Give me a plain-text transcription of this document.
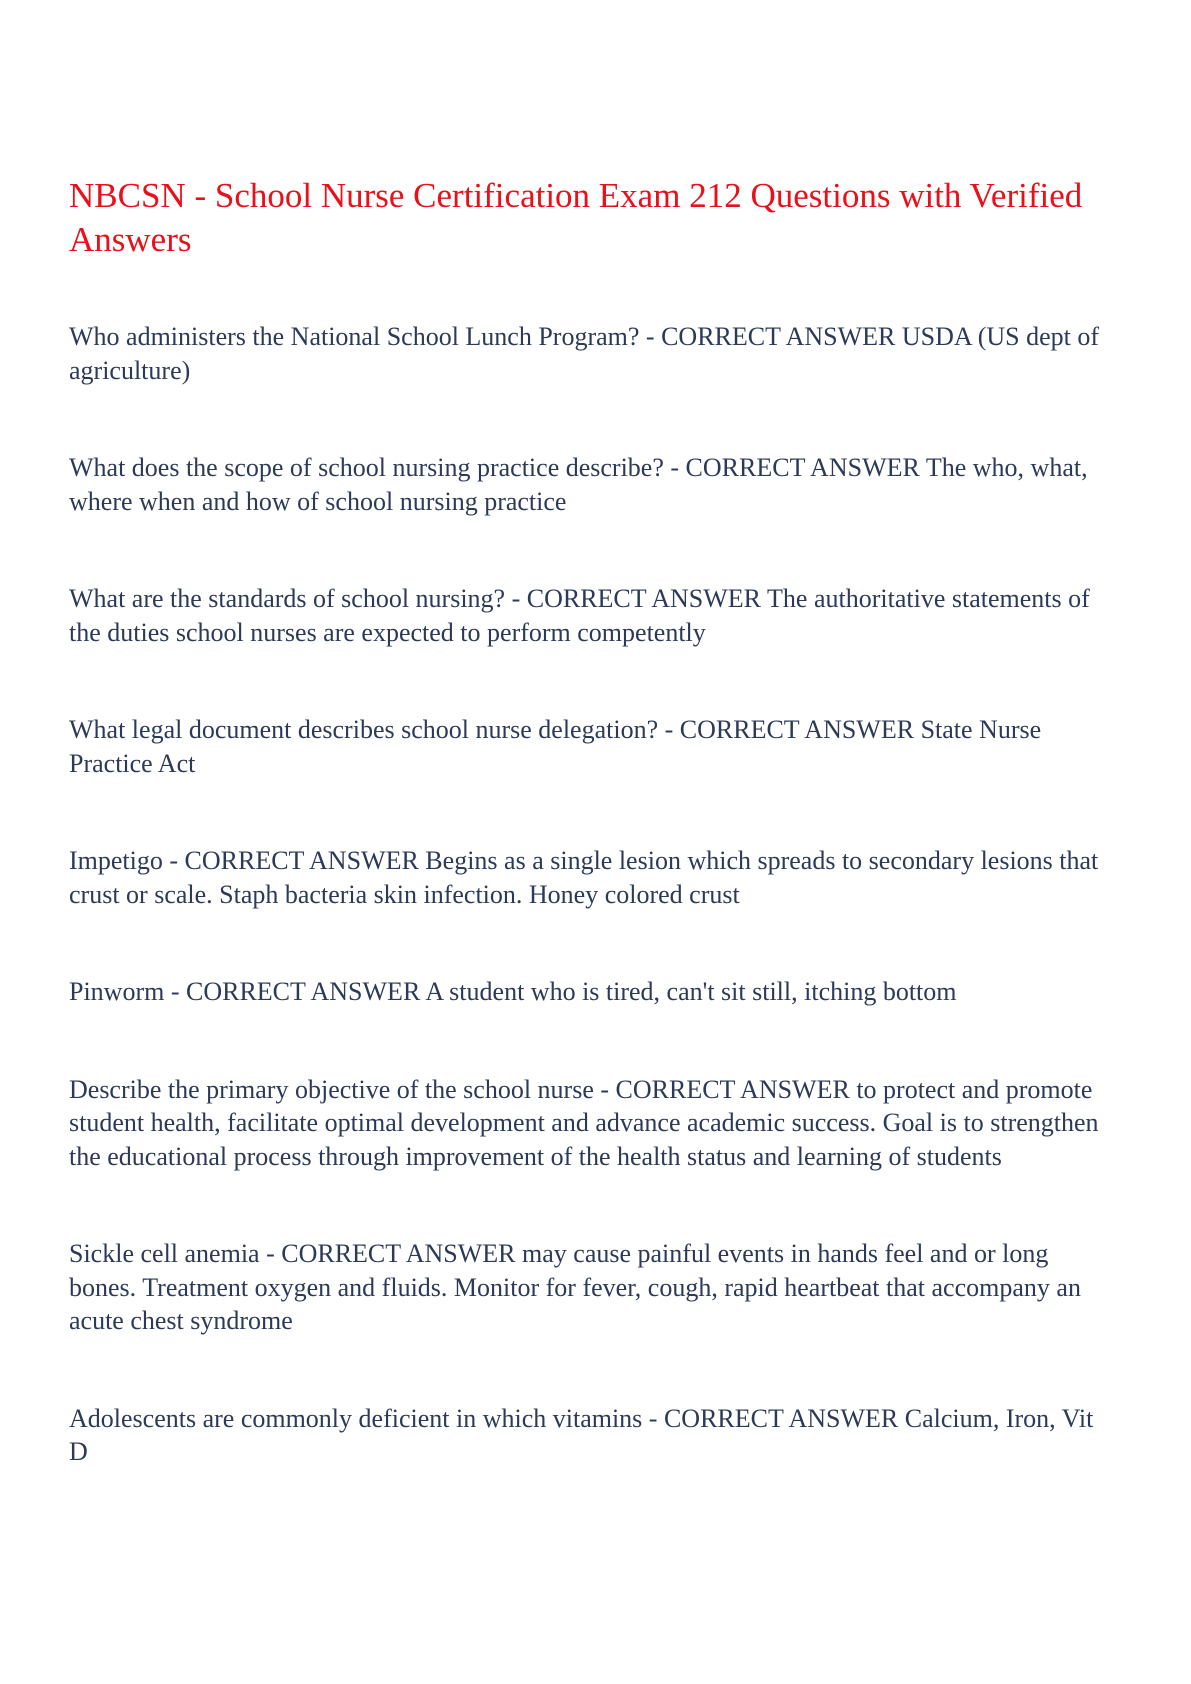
NBCSN - School Nurse Certification Exam 212 Questions with Verified Answers

Who administers the National School Lunch Program? - CORRECT ANSWER USDA (US dept of agriculture)

What does the scope of school nursing practice describe? - CORRECT ANSWER The who, what, where when and how of school nursing practice

What are the standards of school nursing? - CORRECT ANSWER The authoritative statements of the duties school nurses are expected to perform competently

What legal document describes school nurse delegation? - CORRECT ANSWER State Nurse Practice Act

Impetigo - CORRECT ANSWER Begins as a single lesion which spreads to secondary lesions that crust or scale. Staph bacteria skin infection. Honey colored crust

Pinworm - CORRECT ANSWER A student who is tired, can't sit still, itching bottom

Describe the primary objective of the school nurse - CORRECT ANSWER to protect and promote student health, facilitate optimal development and advance academic success. Goal is to strengthen the educational process through improvement of the health status and learning of students

Sickle cell anemia - CORRECT ANSWER may cause painful events in hands feel and or long bones. Treatment oxygen and fluids. Monitor for fever, cough, rapid heartbeat that accompany an acute chest syndrome

Adolescents are commonly deficient in which vitamins - CORRECT ANSWER Calcium, Iron, Vit D
